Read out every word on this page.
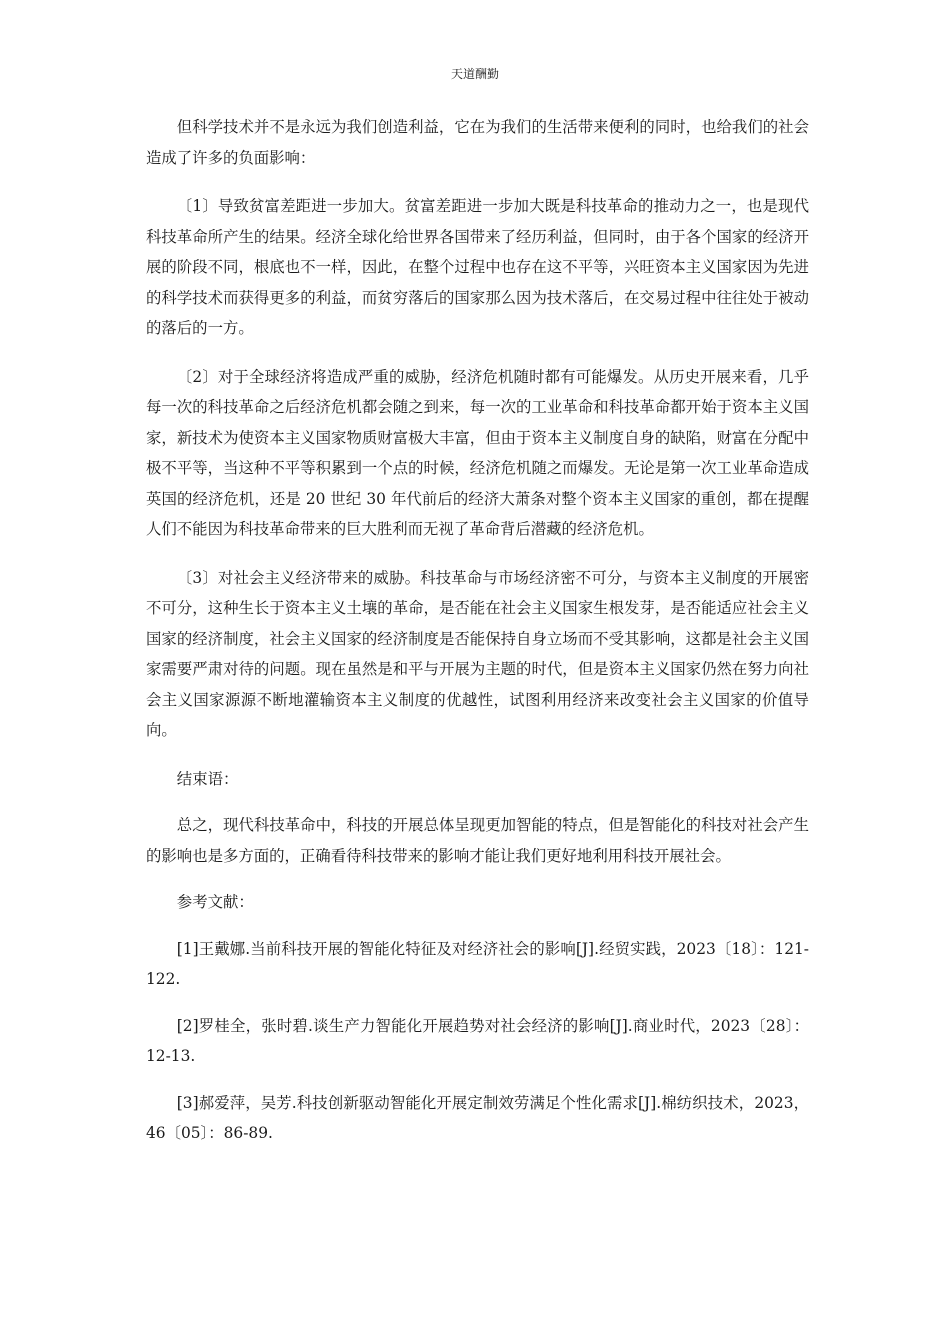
天道酬勤

但科学技术并不是永远为我们创造利益，它在为我们的生活带来便利的同时，也给我们的社会造成了许多的负面影响：

〔1〕导致贫富差距进一步加大。贫富差距进一步加大既是科技革命的推动力之一，也是现代科技革命所产生的结果。经济全球化给世界各国带来了经历利益，但同时，由于各个国家的经济开展的阶段不同，根底也不一样，因此，在整个过程中也存在这不平等，兴旺资本主义国家因为先进的科学技术而获得更多的利益，而贫穷落后的国家那么因为技术落后，在交易过程中往往处于被动的落后的一方。

〔2〕对于全球经济将造成严重的威胁，经济危机随时都有可能爆发。从历史开展来看，几乎每一次的科技革命之后经济危机都会随之到来，每一次的工业革命和科技革命都开始于资本主义国家，新技术为使资本主义国家物质财富极大丰富，但由于资本主义制度自身的缺陷，财富在分配中极不平等，当这种不平等积累到一个点的时候，经济危机随之而爆发。无论是第一次工业革命造成英国的经济危机，还是 20 世纪 30 年代前后的经济大萧条对整个资本主义国家的重创，都在提醒人们不能因为科技革命带来的巨大胜利而无视了革命背后潜藏的经济危机。

〔3〕对社会主义经济带来的威胁。科技革命与市场经济密不可分，与资本主义制度的开展密不可分，这种生长于资本主义土壤的革命，是否能在社会主义国家生根发芽，是否能适应社会主义国家的经济制度，社会主义国家的经济制度是否能保持自身立场而不受其影响，这都是社会主义国家需要严肃对待的问题。现在虽然是和平与开展为主题的时代，但是资本主义国家仍然在努力向社会主义国家源源不断地灌输资本主义制度的优越性，试图利用经济来改变社会主义国家的价值导向。

结束语：

总之，现代科技革命中，科技的开展总体呈现更加智能的特点，但是智能化的科技对社会产生的影响也是多方面的，正确看待科技带来的影响才能让我们更好地利用科技开展社会。

参考文献：

[1]王戴娜.当前科技开展的智能化特征及对经济社会的影响[J].经贸实践，2023〔18〕：121-122.

[2]罗桂全，张时碧.谈生产力智能化开展趋势对社会经济的影响[J].商业时代，2023〔28〕：12-13.

[3]郝爱萍，吴芳.科技创新驱动智能化开展定制效劳满足个性化需求[J].棉纺织技术，2023，46〔05〕：86-89.
